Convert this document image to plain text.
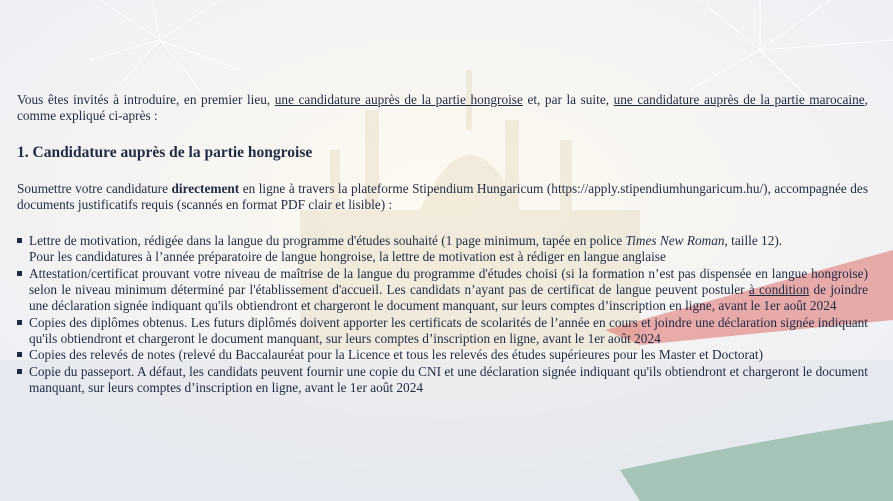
Vous êtes invités à introduire, en premier lieu, une candidature auprès de la partie hongroise et, par la suite, une candidature auprès de la partie marocaine, comme expliqué ci-après :

1. Candidature auprès de la partie hongroise

Soumettre votre candidature directement en ligne à travers la plateforme Stipendium Hungaricum (https://apply.stipendiumhungaricum.hu/), accompagnée des documents justificatifs requis (scannés en format PDF clair et lisible) :

Lettre de motivation, rédigée dans la langue du programme d'études souhaité (1 page minimum, tapée en police Times New Roman, taille 12).
Pour les candidatures à l’année préparatoire de langue hongroise, la lettre de motivation est à rédiger en langue anglaise
Attestation/certificat prouvant votre niveau de maîtrise de la langue du programme d'études choisi (si la formation n’est pas dispensée en langue hongroise) selon le niveau minimum déterminé par l'établissement d'accueil. Les candidats n’ayant pas de certificat de langue peuvent postuler à condition de joindre une déclaration signée indiquant qu'ils obtiendront et chargeront le document manquant, sur leurs comptes d’inscription en ligne, avant le 1er août 2024
Copies des diplômes obtenus. Les futurs diplômés doivent apporter les certificats de scolarités de l’année en cours et joindre une déclaration signée indiquant qu'ils obtiendront et chargeront le document manquant, sur leurs comptes d’inscription en ligne, avant le 1er août 2024
Copies des relevés de notes (relevé du Baccalauréat pour la Licence et tous les relevés des études supérieures pour les Master et Doctorat)
Copie du passeport. A défaut, les candidats peuvent fournir une copie du CNI et une déclaration signée indiquant qu'ils obtiendront et chargeront le document manquant, sur leurs comptes d’inscription en ligne, avant le 1er août 2024
